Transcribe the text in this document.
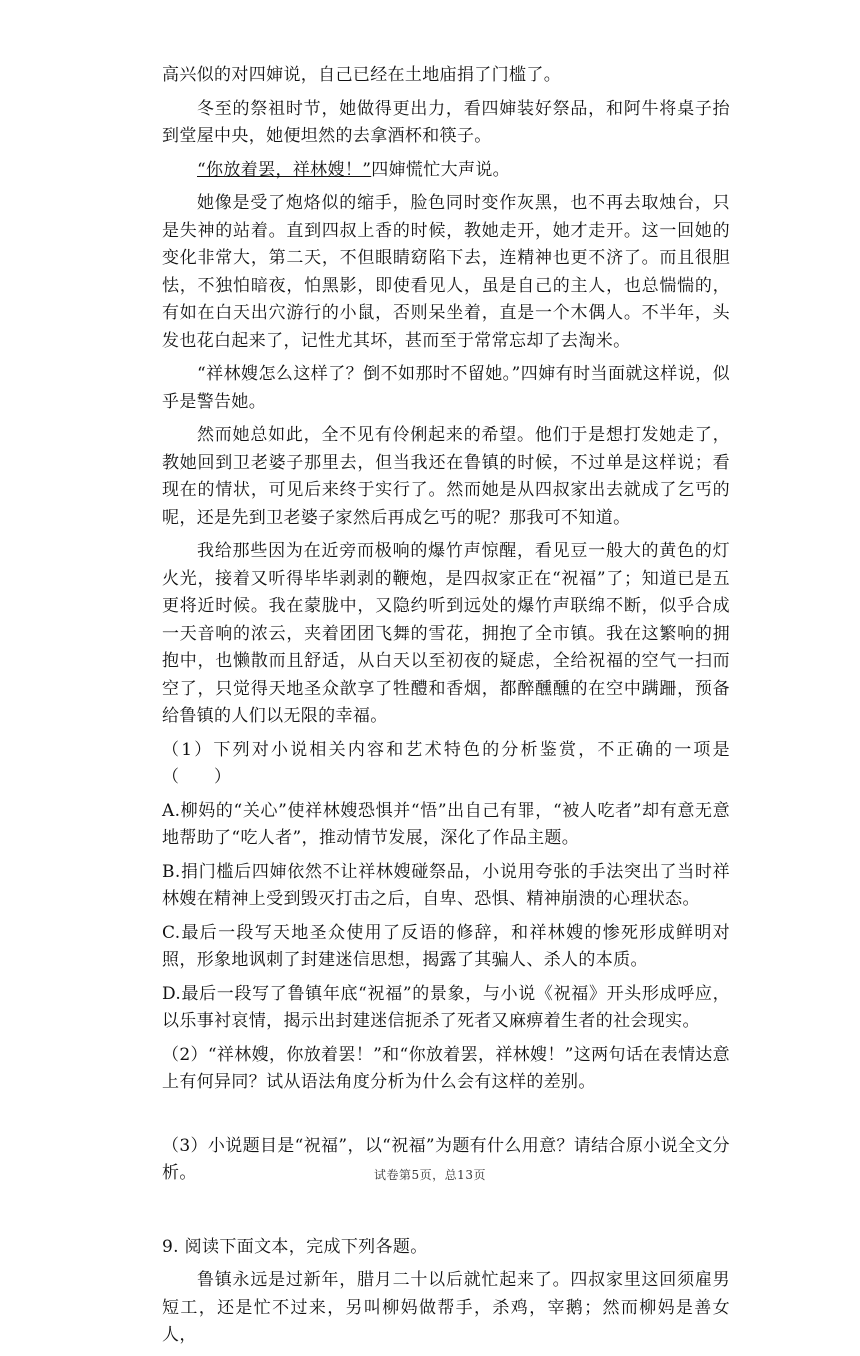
高兴似的对四婶说，自己已经在土地庙捐了门槛了。

冬至的祭祖时节，她做得更出力，看四婶装好祭品，和阿牛将桌子抬到堂屋中央，她便坦然的去拿酒杯和筷子。

“你放着罢，祥林嫂！”四婶慌忙大声说。

她像是受了炮烙似的缩手，脸色同时变作灰黑，也不再去取烛台，只是失神的站着。直到四叔上香的时候，教她走开，她才走开。这一回她的变化非常大，第二天，不但眼睛窈陷下去，连精神也更不济了。而且很胆怯，不独怕暗夜，怕黑影，即使看见人，虽是自己的主人，也总惴惴的，有如在白天出穴游行的小鼠，否则呆坐着，直是一个木偶人。不半年，头发也花白起来了，记性尤其坏，甚而至于常常忘却了去淘米。

“祥林嫂怎么这样了？倒不如那时不留她。”四婶有时当面就这样说，似乎是警告她。

然而她总如此，全不见有伶俐起来的希望。他们于是想打发她走了，教她回到卫老婆子那里去，但当我还在鲁镇的时候，不过单是这样说；看现在的情状，可见后来终于实行了。然而她是从四叔家出去就成了乞丐的呢，还是先到卫老婆子家然后再成乞丐的呢？那我可不知道。

我给那些因为在近旁而极响的爆竹声惊醒，看见豆一般大的黄色的灯火光，接着又听得毕毕剥剥的鞭炮，是四叔家正在“祝福”了；知道已是五更将近时候。我在蒙胧中，又隐约听到远处的爆竹声联绵不断，似乎合成一天音响的浓云，夹着团团飞舞的雪花，拥抱了全市镇。我在这繁响的拥抱中，也懒散而且舒适，从白天以至初夜的疑虑，全给祝福的空气一扫而空了，只觉得天地圣众歆享了牲醴和香烟，都醉醺醺的在空中蹒跚，预备给鲁镇的人们以无限的幸福。

（1）下列对小说相关内容和艺术特色的分析鉴赏，不正确的一项是（　　）

A.柳妈的“关心”使祥林嫂恐惧并“悟”出自己有罪，“被人吃者”却有意无意地帮助了“吃人者”，推动情节发展，深化了作品主题。

B.捐门槛后四婶依然不让祥林嫂碰祭品，小说用夸张的手法突出了当时祥林嫂在精神上受到毁灭打击之后，自卑、恐惧、精神崩溃的心理状态。

C.最后一段写天地圣众使用了反语的修辞，和祥林嫂的惨死形成鲜明对照，形象地讽刺了封建迷信思想，揭露了其骗人、杀人的本质。

D.最后一段写了鲁镇年底“祝福”的景象，与小说《祝福》开头形成呼应，以乐事衬哀情，揭示出封建迷信扼杀了死者又麻痹着生者的社会现实。

（2）“祥林嫂，你放着罢！”和“你放着罢，祥林嫂！”这两句话在表情达意上有何异同？试从语法角度分析为什么会有这样的差别。

（3）小说题目是“祝福”，以“祝福”为题有什么用意？请结合原小说全文分析。

9. 阅读下面文本，完成下列各题。

鲁镇永远是过新年，腊月二十以后就忙起来了。四叔家里这回须雇男短工，还是忙不过来，另叫柳妈做帮手，杀鸡，宰鹅；然而柳妈是善女人，

试卷第5页，总13页
